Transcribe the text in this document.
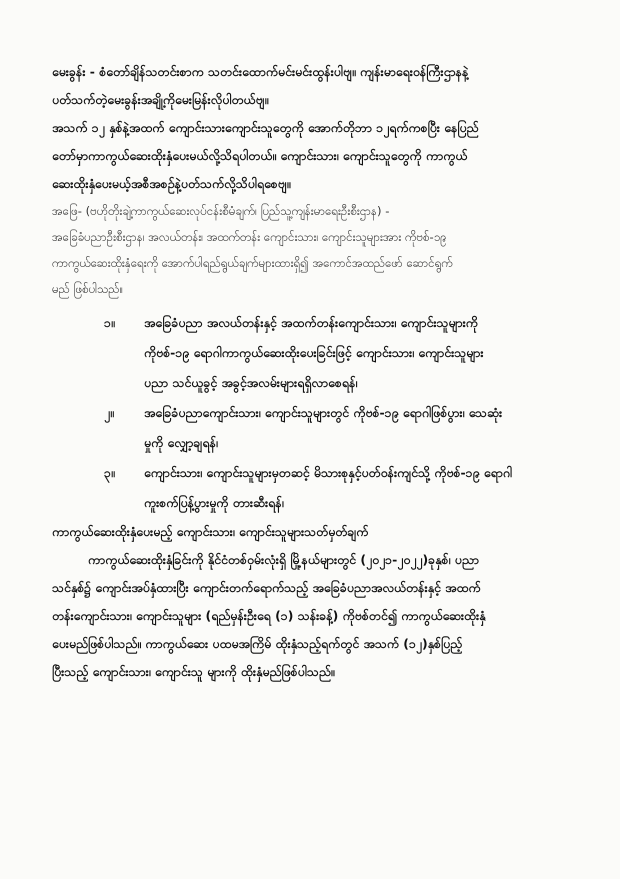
မေးခွန်း - စံတော်ချိန်သတင်းစာက သတင်းထောက်မင်းမင်းထွန်းပါဗျ။ ကျန်းမာရေးဝန်ကြီးဌာနနဲ့

ပတ်သက်တဲ့မေးခွန်းအချို့ကိုမေးမြန်းလိုပါတယ်ဗျ။

အသက် ၁၂ နှစ်နဲ့အထက် ကျောင်းသားကျောင်းသူတွေကို အောက်တိုဘာ ၁၂ရက်ကစပြီး နေပြည်

တော်မှာကာကွယ်ဆေးထိုးနှံပေးမယ်လို့သိရပါတယ်။ ကျောင်းသား၊ ကျောင်းသူတွေကို ကာကွယ်

ဆေးထိုးနှံပေးမယ့်အစီအစဉ်နဲ့ပတ်သက်လို့သိပါရစေဗျ။

အဖြေ- (ဗဟိုတိုးချဲ့ကာကွယ်ဆေးလုပ်ငန်းစီမံချက်၊ ပြည်သူ့ကျန်းမာရေးဦးစီးဌာန) -

အခြေခံပညာဦးစီးဌာန၊ အလယ်တန်း၊ အထက်တန်း ကျောင်းသား၊ ကျောင်းသူများအား ကိုဗစ်-၁၉

ကာကွယ်ဆေးထိုးနှံရေးကို အောက်ပါရည်ရွယ်ချက်များထားရှိ၍ အကောင်အထည်ဖော် ဆောင်ရွက်

မည် ဖြစ်ပါသည်။

၁။	အခြေခံပညာ အလယ်တန်းနှင့် အထက်တန်းကျောင်းသား၊ ကျောင်းသူများကို

ကိုဗစ်-၁၉ ရောဂါကာကွယ်ဆေးထိုးပေးခြင်းဖြင့် ကျောင်းသား၊ ကျောင်းသူများ

ပညာ သင်ယူခွင့် အခွင့်အလမ်းများရရှိလာစေရန်၊

၂။	အခြေခံပညာကျောင်းသား၊ ကျောင်းသူများတွင် ကိုဗစ်-၁၉ ရောဂါဖြစ်ပွား၊ သေဆုံး

မှုကို လျှော့ချရန်၊

၃။	ကျောင်းသား၊ ကျောင်းသူများမှတဆင့် မိသားစုနှင့်ပတ်ဝန်းကျင်သို့ ကိုဗစ်-၁၉ ရောဂါ

ကူးစက်ပြန့်ပွားမှုကို တားဆီးရန်၊

ကာကွယ်ဆေးထိုးနှံပေးမည့် ကျောင်းသား၊ ကျောင်းသူများသတ်မှတ်ချက်

ကာကွယ်ဆေးထိုးနှံခြင်းကို နိုင်ငံတစ်ဝှမ်းလုံးရှိ မြို့နယ်များတွင် (၂၀၂၁-၂၀၂၂)ခုနှစ်၊ ပညာ

သင်နှစ်၌ ကျောင်းအပ်နှံထားပြီး ကျောင်းတက်ရောက်သည့် အခြေခံပညာအလယ်တန်းနှင့် အထက်

တန်းကျောင်းသား၊ ကျောင်းသူများ (ရည်မှန်းဦးရေ (၁) သန်းခန့်) ကိုဗစ်တင်၍ ကာကွယ်ဆေးထိုးနှံ

ပေးမည်ဖြစ်ပါသည်။ ကာကွယ်ဆေး ပထမအကြိမ် ထိုးနှံသည့်ရက်တွင် အသက် (၁၂)နှစ်ပြည့်

ပြီးသည့် ကျောင်းသား၊ ကျောင်းသူ များကို ထိုးနှံမည်ဖြစ်ပါသည်။
